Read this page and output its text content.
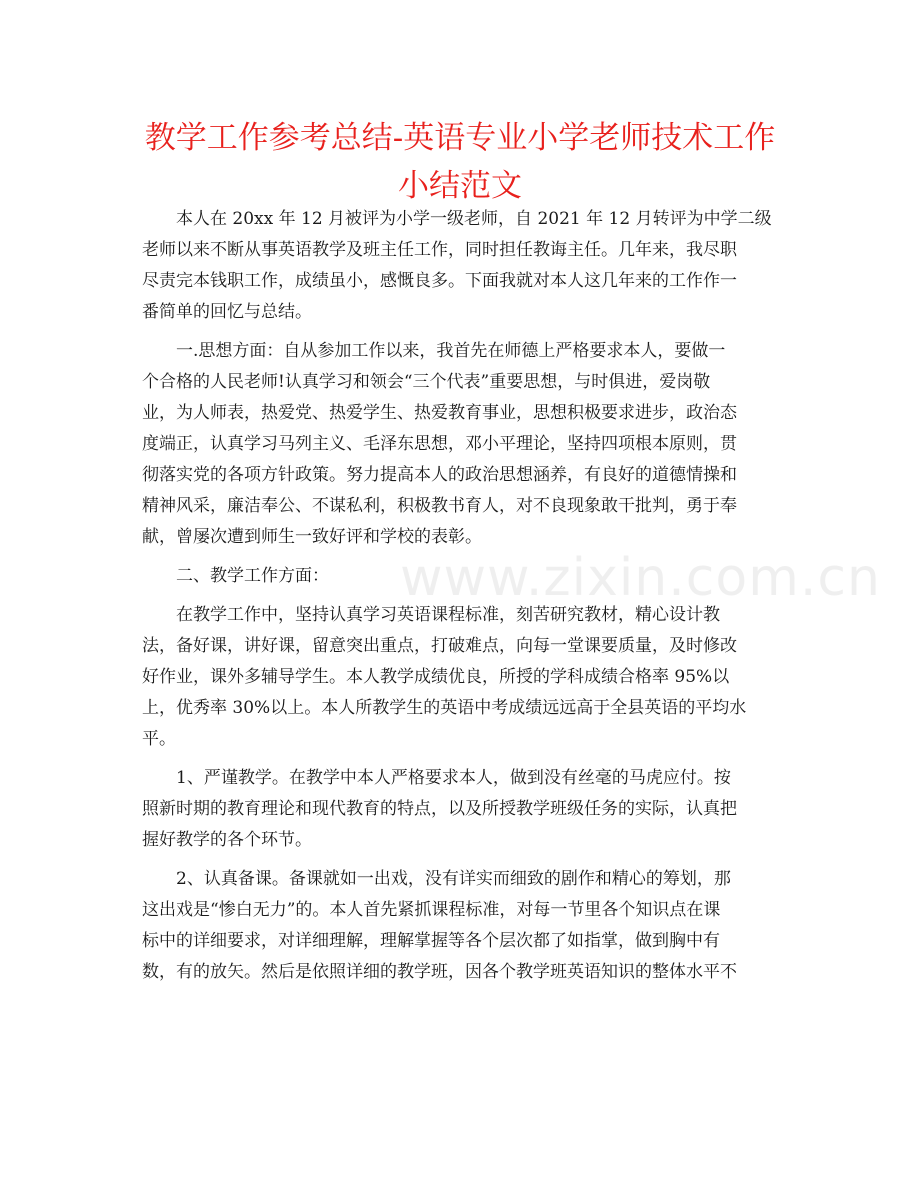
www.zixin.com.cn
教学工作参考总结-英语专业小学老师技术工作
小结范文
本人在 20xx 年 12 月被评为小学一级老师，自 2021 年 12 月转评为中学二级
老师以来不断从事英语教学及班主任工作，同时担任教诲主任。几年来，我尽职
尽责完本钱职工作，成绩虽小，感慨良多。下面我就对本人这几年来的工作作一
番简单的回忆与总结。
一.思想方面：自从参加工作以来，我首先在师德上严格要求本人，要做一
个合格的人民老师!认真学习和领会“三个代表”重要思想，与时俱进，爱岗敬
业，为人师表，热爱党、热爱学生、热爱教育事业，思想积极要求进步，政治态
度端正，认真学习马列主义、毛泽东思想，邓小平理论，坚持四项根本原则，贯
彻落实党的各项方针政策。努力提高本人的政治思想涵养，有良好的道德情操和
精神风采，廉洁奉公、不谋私利，积极教书育人，对不良现象敢干批判，勇于奉
献，曾屡次遭到师生一致好评和学校的表彰。
二、教学工作方面：
在教学工作中，坚持认真学习英语课程标准，刻苦研究教材，精心设计教
法，备好课，讲好课，留意突出重点，打破难点，向每一堂课要质量，及时修改
好作业，课外多辅导学生。本人教学成绩优良，所授的学科成绩合格率 95%以
上，优秀率 30%以上。本人所教学生的英语中考成绩远远高于全县英语的平均水
平。
1、严谨教学。在教学中本人严格要求本人，做到没有丝毫的马虎应付。按
照新时期的教育理论和现代教育的特点，以及所授教学班级任务的实际，认真把
握好教学的各个环节。
2、认真备课。备课就如一出戏，没有详实而细致的剧作和精心的筹划，那
这出戏是“惨白无力”的。本人首先紧抓课程标准，对每一节里各个知识点在课
标中的详细要求，对详细理解，理解掌握等各个层次都了如指掌，做到胸中有
数，有的放矢。然后是依照详细的教学班，因各个教学班英语知识的整体水平不
